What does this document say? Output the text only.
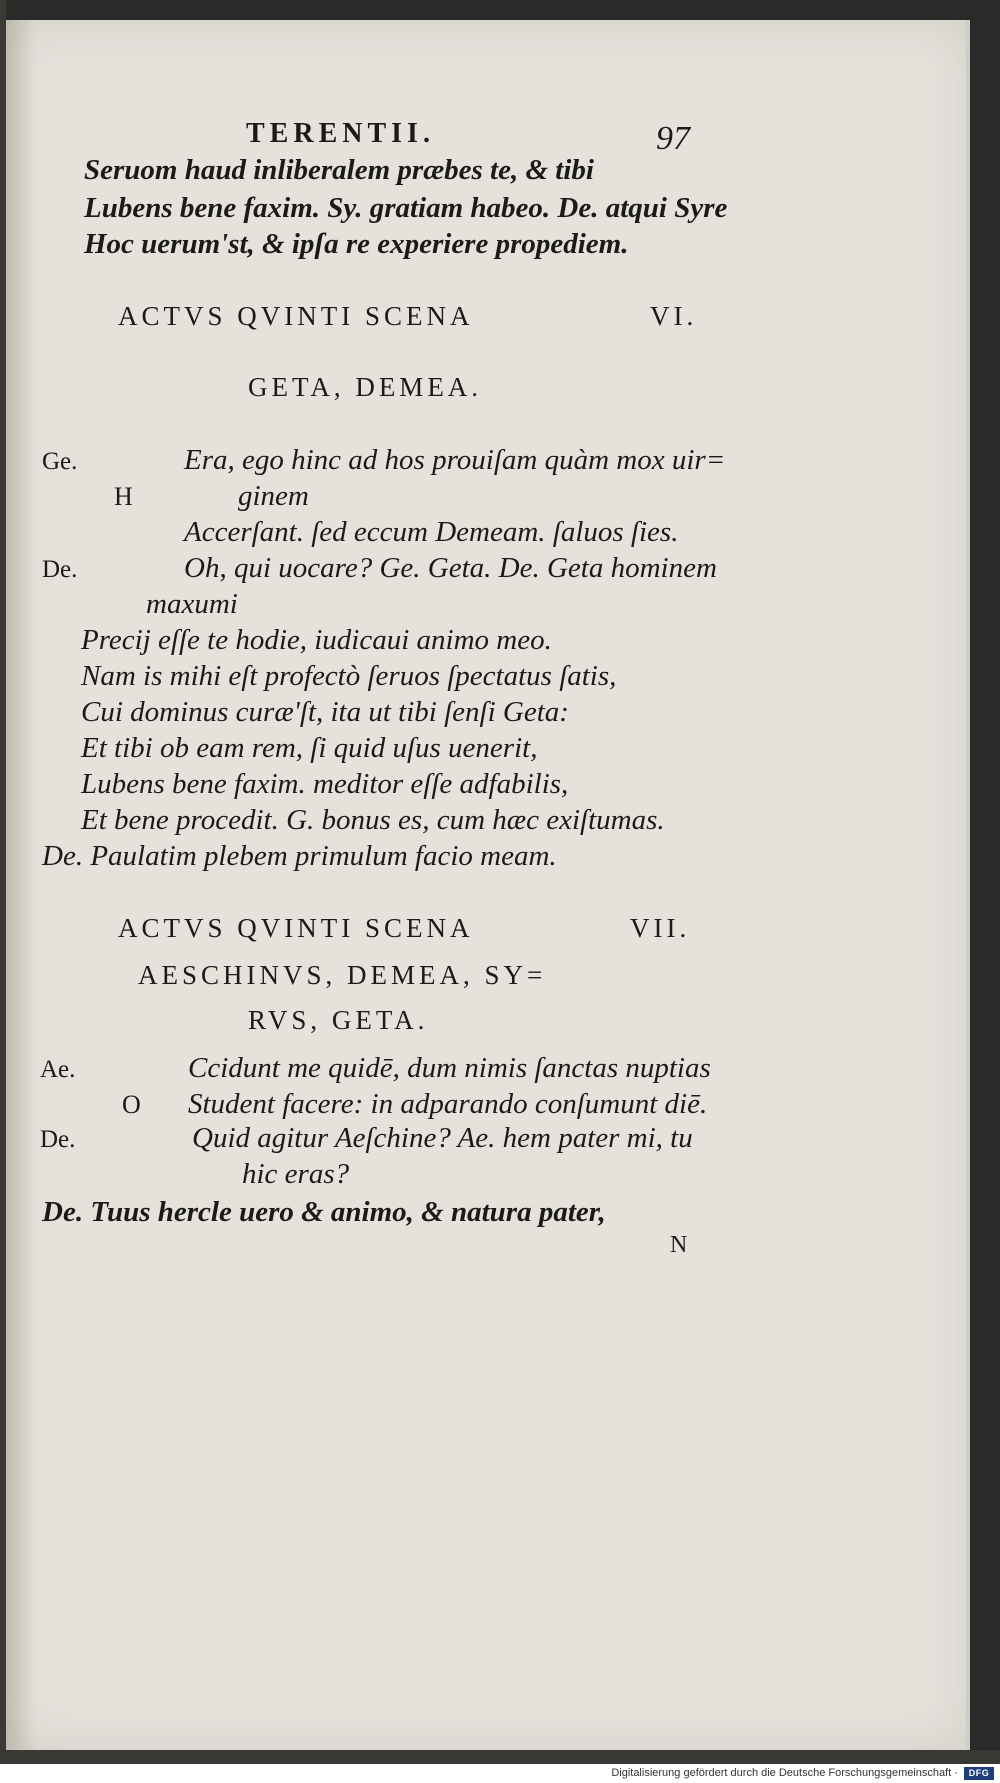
TERENTII.	97
Seruom haud inliberalem præbes te, & tibi
Lubens bene faxim. Sy. gratiam habeo. De. atqui Syre
Hoc uerum'st, & ipſa re experiere propediem.
ACTVS QVINTI SCENA	VI.
GETA, DEMEA.
Ge.
H
Era, ego hinc ad hos prouiſam quàm mox uir=
ginem
Accerſant. ſed eccum Demeam. ſaluos ſies.
De.	Oh, qui uocare? Ge. Geta. De. Geta hominem
maxumi
Precij eſſe te hodie, iudicaui animo meo.
Nam is mihi eſt profectò ſeruos ſpectatus ſatis,
Cui dominus curæ'ſt, ita ut tibi ſenſi Geta:
Et tibi ob eam rem, ſi quid uſus uenerit,
Lubens bene faxim. meditor eſſe adfabilis,
Et bene procedit. G. bonus es, cum hæc exiſtumas.
De. Paulatim plebem primulum facio meam.
ACTVS QVINTI SCENA	VII.
AESCHINVS, DEMEA, SY=
RVS, GETA.
Ae.
O
Ccidunt me quidē, dum nimis ſanctas nuptias
Student facere: in adparando conſumunt diē.
De.	Quid agitur Aeſchine? Ae. hem pater mi, tu
hic eras?
De. Tuus hercle uero & animo, & natura pater,
N
Digitalisierung gefördert durch die Deutsche Forschungsgemeinschaft ·	DFG
